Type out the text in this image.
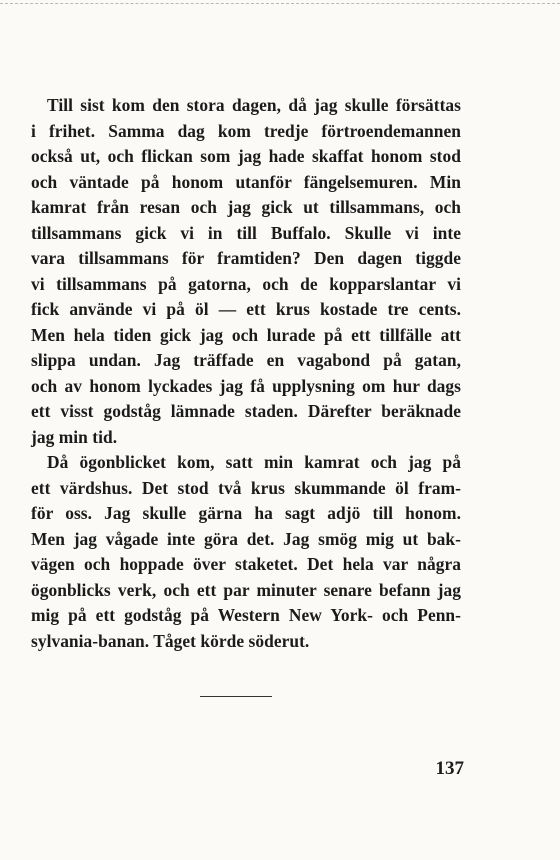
Till sist kom den stora dagen, då jag skulle försättas
i frihet. Samma dag kom tredje förtroendemannen
också ut, och flickan som jag hade skaffat honom stod
och väntade på honom utanför fängelsemuren. Min
kamrat från resan och jag gick ut tillsammans, och
tillsammans gick vi in till Buffalo. Skulle vi inte
vara tillsammans för framtiden? Den dagen tiggde
vi tillsammans på gatorna, och de kopparslantar vi
fick använde vi på öl — ett krus kostade tre cents.
Men hela tiden gick jag och lurade på ett tillfälle att
slippa undan. Jag träffade en vagabond på gatan,
och av honom lyckades jag få upplysning om hur dags
ett visst godståg lämnade staden. Därefter beräknade
jag min tid.
Då ögonblicket kom, satt min kamrat och jag på
ett värdshus. Det stod två krus skummande öl fram-
för oss. Jag skulle gärna ha sagt adjö till honom.
Men jag vågade inte göra det. Jag smög mig ut bak-
vägen och hoppade över staketet. Det hela var några
ögonblicks verk, och ett par minuter senare befann jag
mig på ett godståg på Western New York- och Penn-
sylvania-banan. Tåget körde söderut.
137
